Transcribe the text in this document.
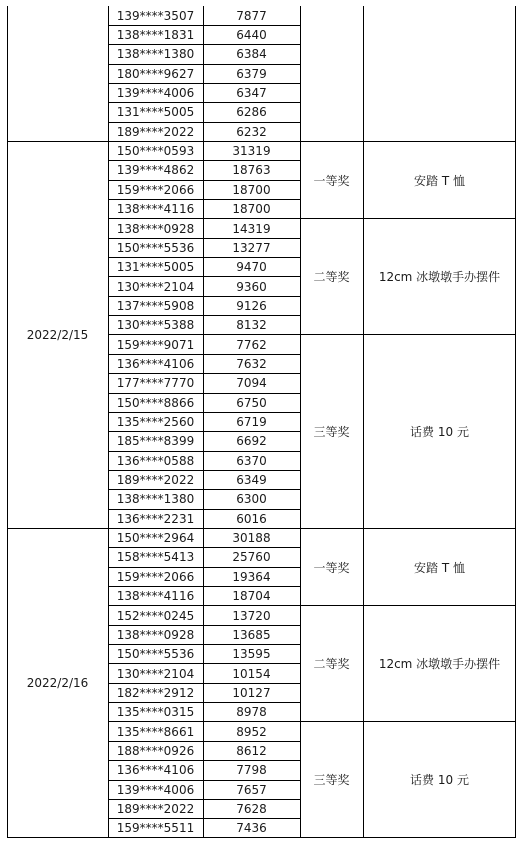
2022/2/15
2022/2/16
139****3507
138****1831
138****1380
180****9627
139****4006
131****5005
189****2022
150****0593
139****4862
159****2066
138****4116
138****0928
150****5536
131****5005
130****2104
137****5908
130****5388
159****9071
136****4106
177****7770
150****8866
135****2560
185****8399
136****0588
189****2022
138****1380
136****2231
150****2964
158****5413
159****2066
138****4116
152****0245
138****0928
150****5536
130****2104
182****2912
135****0315
135****8661
188****0926
136****4106
139****4006
189****2022
159****5511
7877
6440
6384
6379
6347
6286
6232
31319
18763
18700
18700
14319
13277
9470
9360
9126
8132
7762
7632
7094
6750
6719
6692
6370
6349
6300
6016
30188
25760
19364
18704
13720
13685
13595
10154
10127
8978
8952
8612
7798
7657
7628
7436
一等奖
二等奖
三等奖
一等奖
二等奖
三等奖
安踏 T 恤
12cm 冰墩墩手办摆件
话费 10 元
安踏 T 恤
12cm 冰墩墩手办摆件
话费 10 元
